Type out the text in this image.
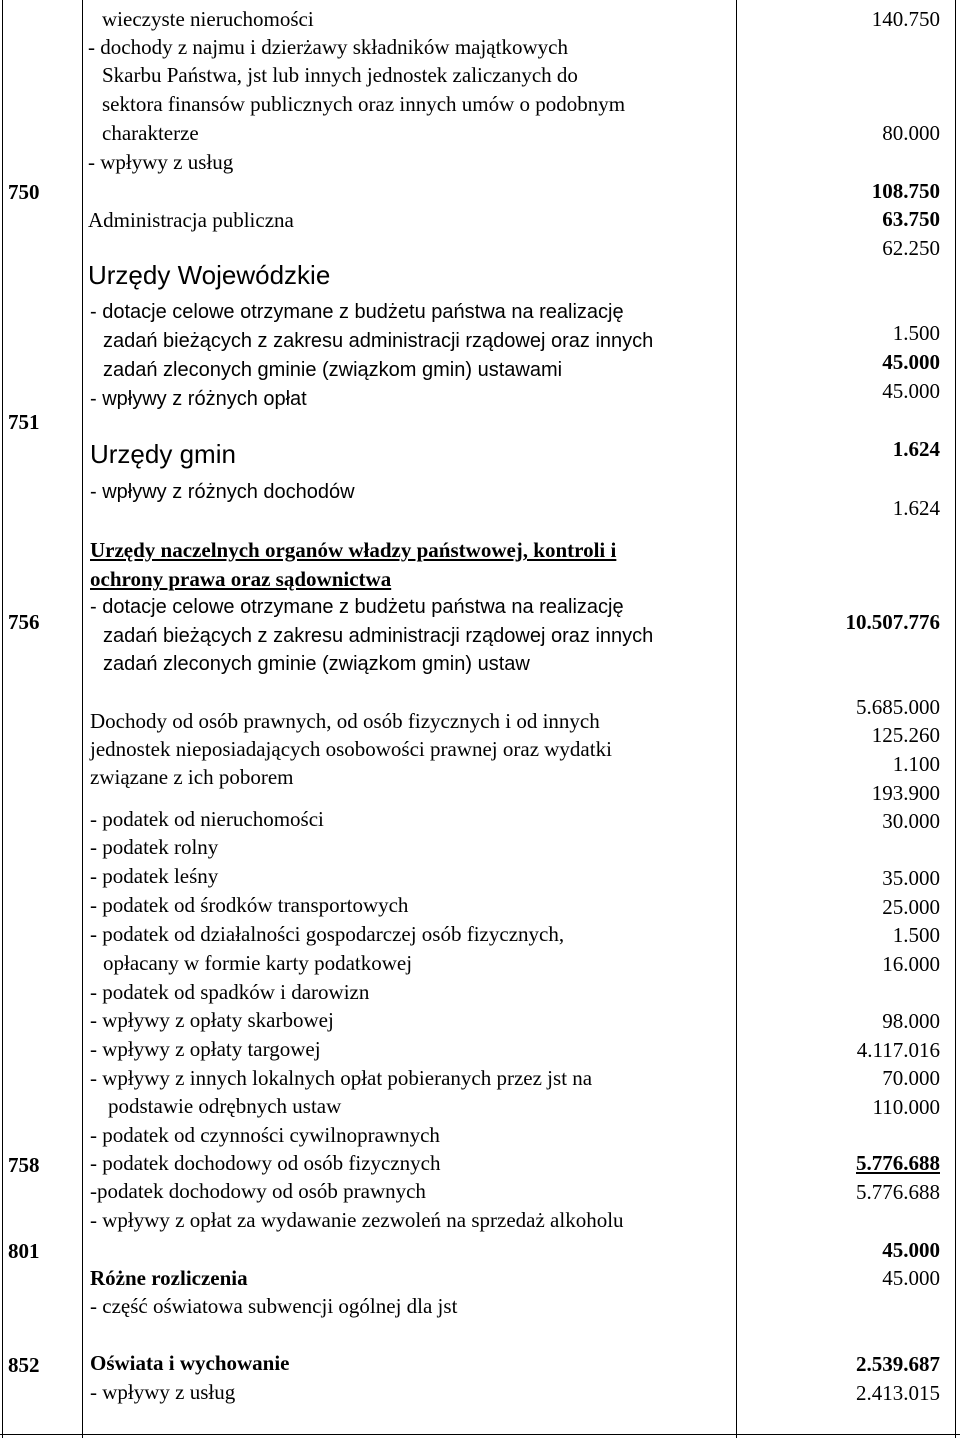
750
751
756
758
801
852
wieczyste nieruchomości
- dochody z najmu i dzierżawy składników majątkowych
Skarbu Państwa, jst lub innych jednostek zaliczanych do
sektora finansów publicznych oraz innych umów o podobnym
charakterze
- wpływy z usług
Administracja publiczna
Urzędy Wojewódzkie
- dotacje celowe otrzymane z budżetu państwa na realizację
zadań bieżących z zakresu administracji rządowej oraz innych
zadań zleconych gminie (związkom gmin) ustawami
- wpływy z różnych opłat
Urzędy gmin
- wpływy z różnych dochodów
Urzędy naczelnych organów władzy państwowej, kontroli i
ochrony prawa oraz sądownictwa
- dotacje celowe otrzymane z budżetu państwa na realizację
zadań bieżących z zakresu administracji rządowej oraz innych
zadań zleconych gminie (związkom gmin) ustaw
Dochody od osób prawnych, od osób fizycznych i od innych
jednostek nieposiadających osobowości prawnej oraz wydatki
związane z ich poborem
- podatek od nieruchomości
- podatek rolny
- podatek leśny
- podatek od środków transportowych
- podatek od działalności gospodarczej osób fizycznych,
opłacany w formie karty podatkowej
- podatek od spadków i darowizn
- wpływy z opłaty skarbowej
- wpływy z opłaty targowej
- wpływy z innych lokalnych opłat pobieranych przez jst na
podstawie odrębnych ustaw
- podatek od czynności cywilnoprawnych
- podatek dochodowy od osób fizycznych
-podatek dochodowy od osób prawnych
- wpływy z opłat za wydawanie zezwoleń na sprzedaż alkoholu
Różne rozliczenia
- część oświatowa subwencji ogólnej dla jst
Oświata i wychowanie
- wpływy z usług
140.750
80.000
108.750
63.750
62.250
1.500
45.000
45.000
1.624
1.624
10.507.776
5.685.000
125.260
1.100
193.900
30.000
35.000
25.000
1.500
16.000
98.000
4.117.016
70.000
110.000
5.776.688
5.776.688
45.000
45.000
2.539.687
2.413.015
